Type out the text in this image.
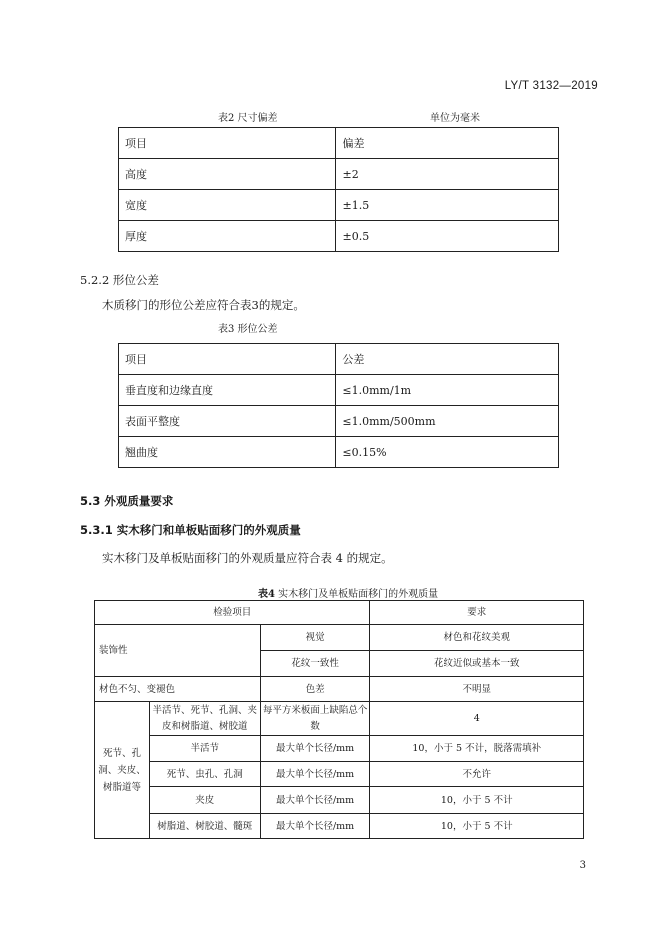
LY/T 3132—2019
表2 尺寸偏差	单位为毫米
项目	偏差
高度	±2
宽度	±1.5
厚度	±0.5
5.2.2 形位公差
木质移门的形位公差应符合表3的规定。
表3 形位公差
项目	公差
垂直度和边缘直度	≤1.0mm/1m
表面平整度	≤1.0mm/500mm
翘曲度	≤0.15%
5.3 外观质量要求
5.3.1 实木移门和单板贴面移门的外观质量
实木移门及单板贴面移门的外观质量应符合表 4 的规定。
表4 实木移门及单板贴面移门的外观质量
检验项目			要求
装饰性		视觉	材色和花纹美观
		花纹一致性	花纹近似或基本一致
材色不匀、变褪色		色差	不明显
死节、孔洞、夹皮、树脂道等	半活节、死节、孔洞、夹皮和树脂道、树胶道	每平方米板面上缺陷总个数	4
	半活节	最大单个长径/mm	10，小于 5 不计，脱落需填补
	死节、虫孔、孔洞	最大单个长径/mm	不允许
	夹皮	最大单个长径/mm	10，小于 5 不计
	树脂道、树胶道、髓斑	最大单个长径/mm	10，小于 5 不计
3
